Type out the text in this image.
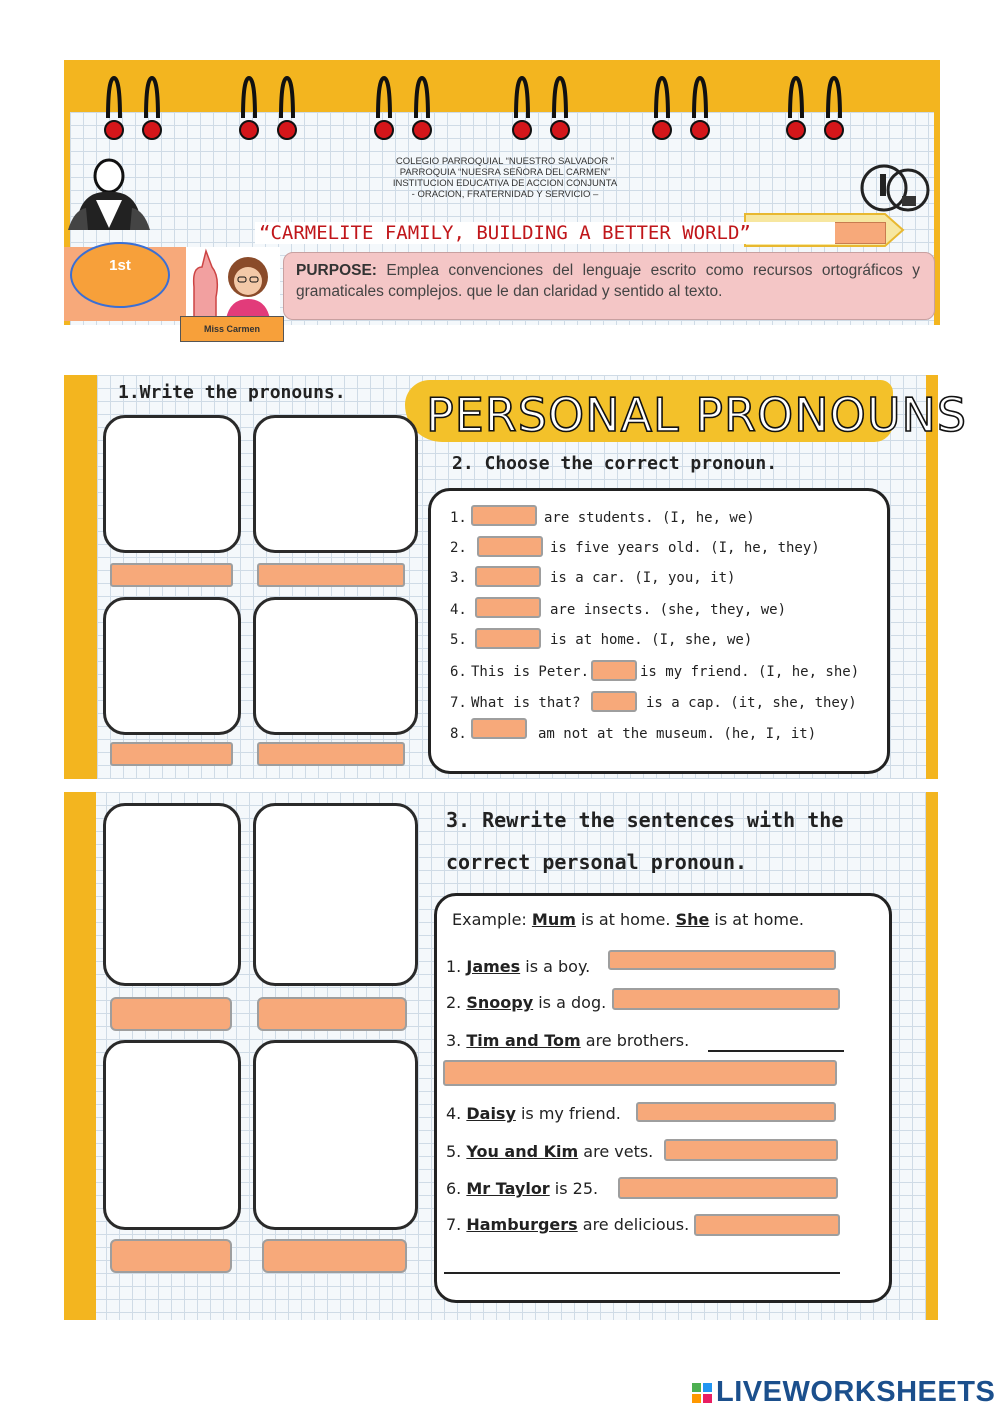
COLEGIO PARROQUIAL “NUESTRO SALVADOR ”
PARROQUIA “NUESRA SEÑORA DEL CARMEN”
INSTITUCION EDUCATIVA DE ACCION CONJUNTA
- ORACION, FRATERNIDAD Y SERVICIO –
“CARMELITE FAMILY, BUILDING A BETTER WORLD”
1st
Miss Carmen
PURPOSE: Emplea convenciones del lenguaje escrito como recursos ortográficos y gramaticales complejos. que le dan claridad y sentido al texto.
1.Write the pronouns. PERSONAL PRONOUNS
2. Choose the correct pronoun.
1.	are students. (I, he, we)
2.	is five years old. (I, he, they)
3.	is a car. (I, you, it)
4.	are insects. (she, they, we)
5.	is at home. (I, she, we)
6. This is Peter.	is my friend. (I, he, she)
7. What is that?	is a cap. (it, she, they)
8.	am not at the museum. (he, I, it)
3. Rewrite the sentences with the
correct personal pronoun.
Example: Mum is at home. She is at home.
1. James is a boy.
2. Snoopy is a dog.
3. Tim and Tom are brothers.
4. Daisy is my friend.
5. You and Kim are vets.
6. Mr Taylor is 25.
7. Hamburgers are delicious.
LIVEWORKSHEETS
